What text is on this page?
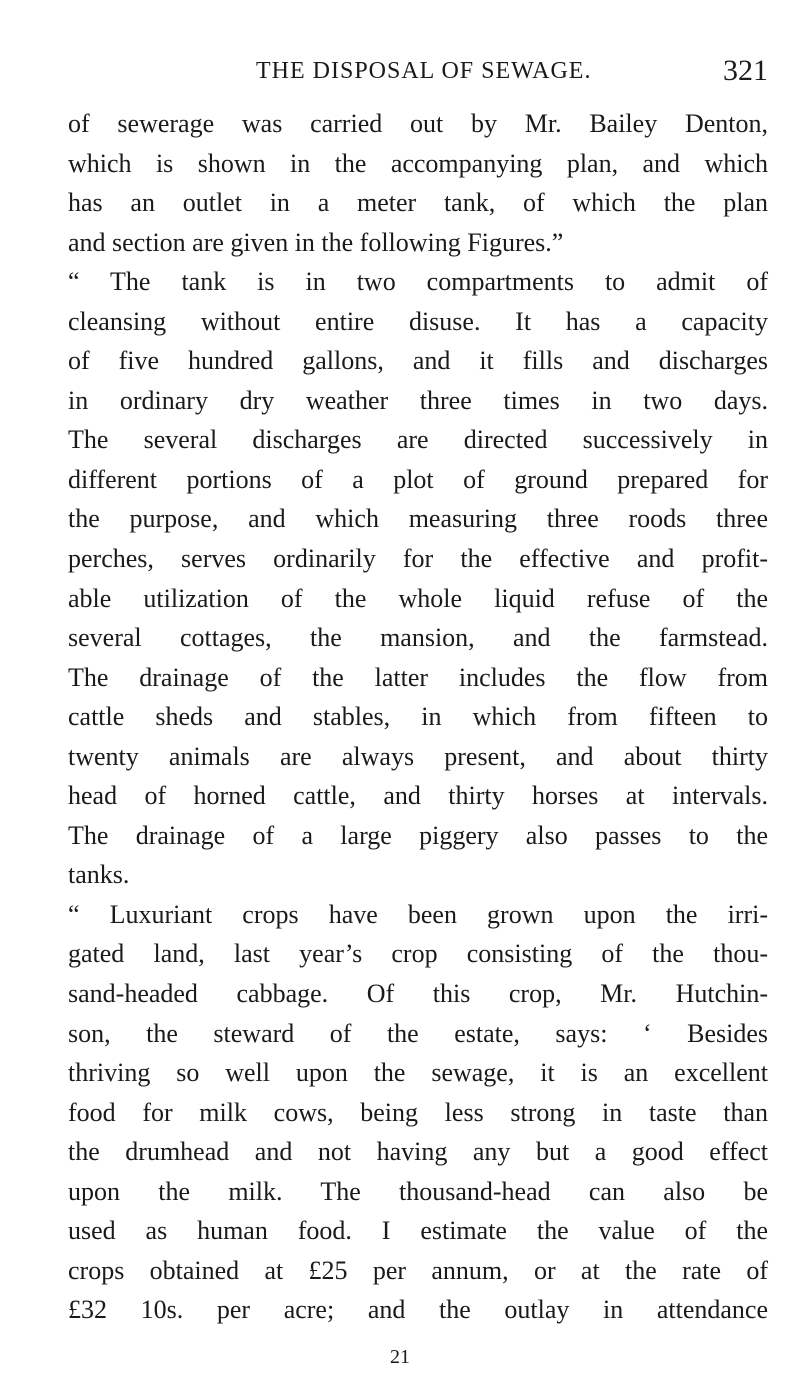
THE DISPOSAL OF SEWAGE.	321
of sewerage was carried out by Mr. Bailey Denton,
which is shown in the accompanying plan, and which
has an outlet in a meter tank, of which the plan
and section are given in the following Figures.”
“ The tank is in two compartments to admit of
cleansing without entire disuse. It has a capacity
of five hundred gallons, and it fills and discharges
in ordinary dry weather three times in two days.
The several discharges are directed successively in
different portions of a plot of ground prepared for
the purpose, and which measuring three roods three
perches, serves ordinarily for the effective and profit-
able utilization of the whole liquid refuse of the
several cottages, the mansion, and the farmstead.
The drainage of the latter includes the flow from
cattle sheds and stables, in which from fifteen to
twenty animals are always present, and about thirty
head of horned cattle, and thirty horses at intervals.
The drainage of a large piggery also passes to the
tanks.
“ Luxuriant crops have been grown upon the irri-
gated land, last year’s crop consisting of the thou-
sand-headed cabbage. Of this crop, Mr. Hutchin-
son, the steward of the estate, says: ‘ Besides
thriving so well upon the sewage, it is an excellent
food for milk cows, being less strong in taste than
the drumhead and not having any but a good effect
upon the milk. The thousand-head can also be
used as human food. I estimate the value of the
crops obtained at £25 per annum, or at the rate of
£32 10s. per acre; and the outlay in attendance
21
